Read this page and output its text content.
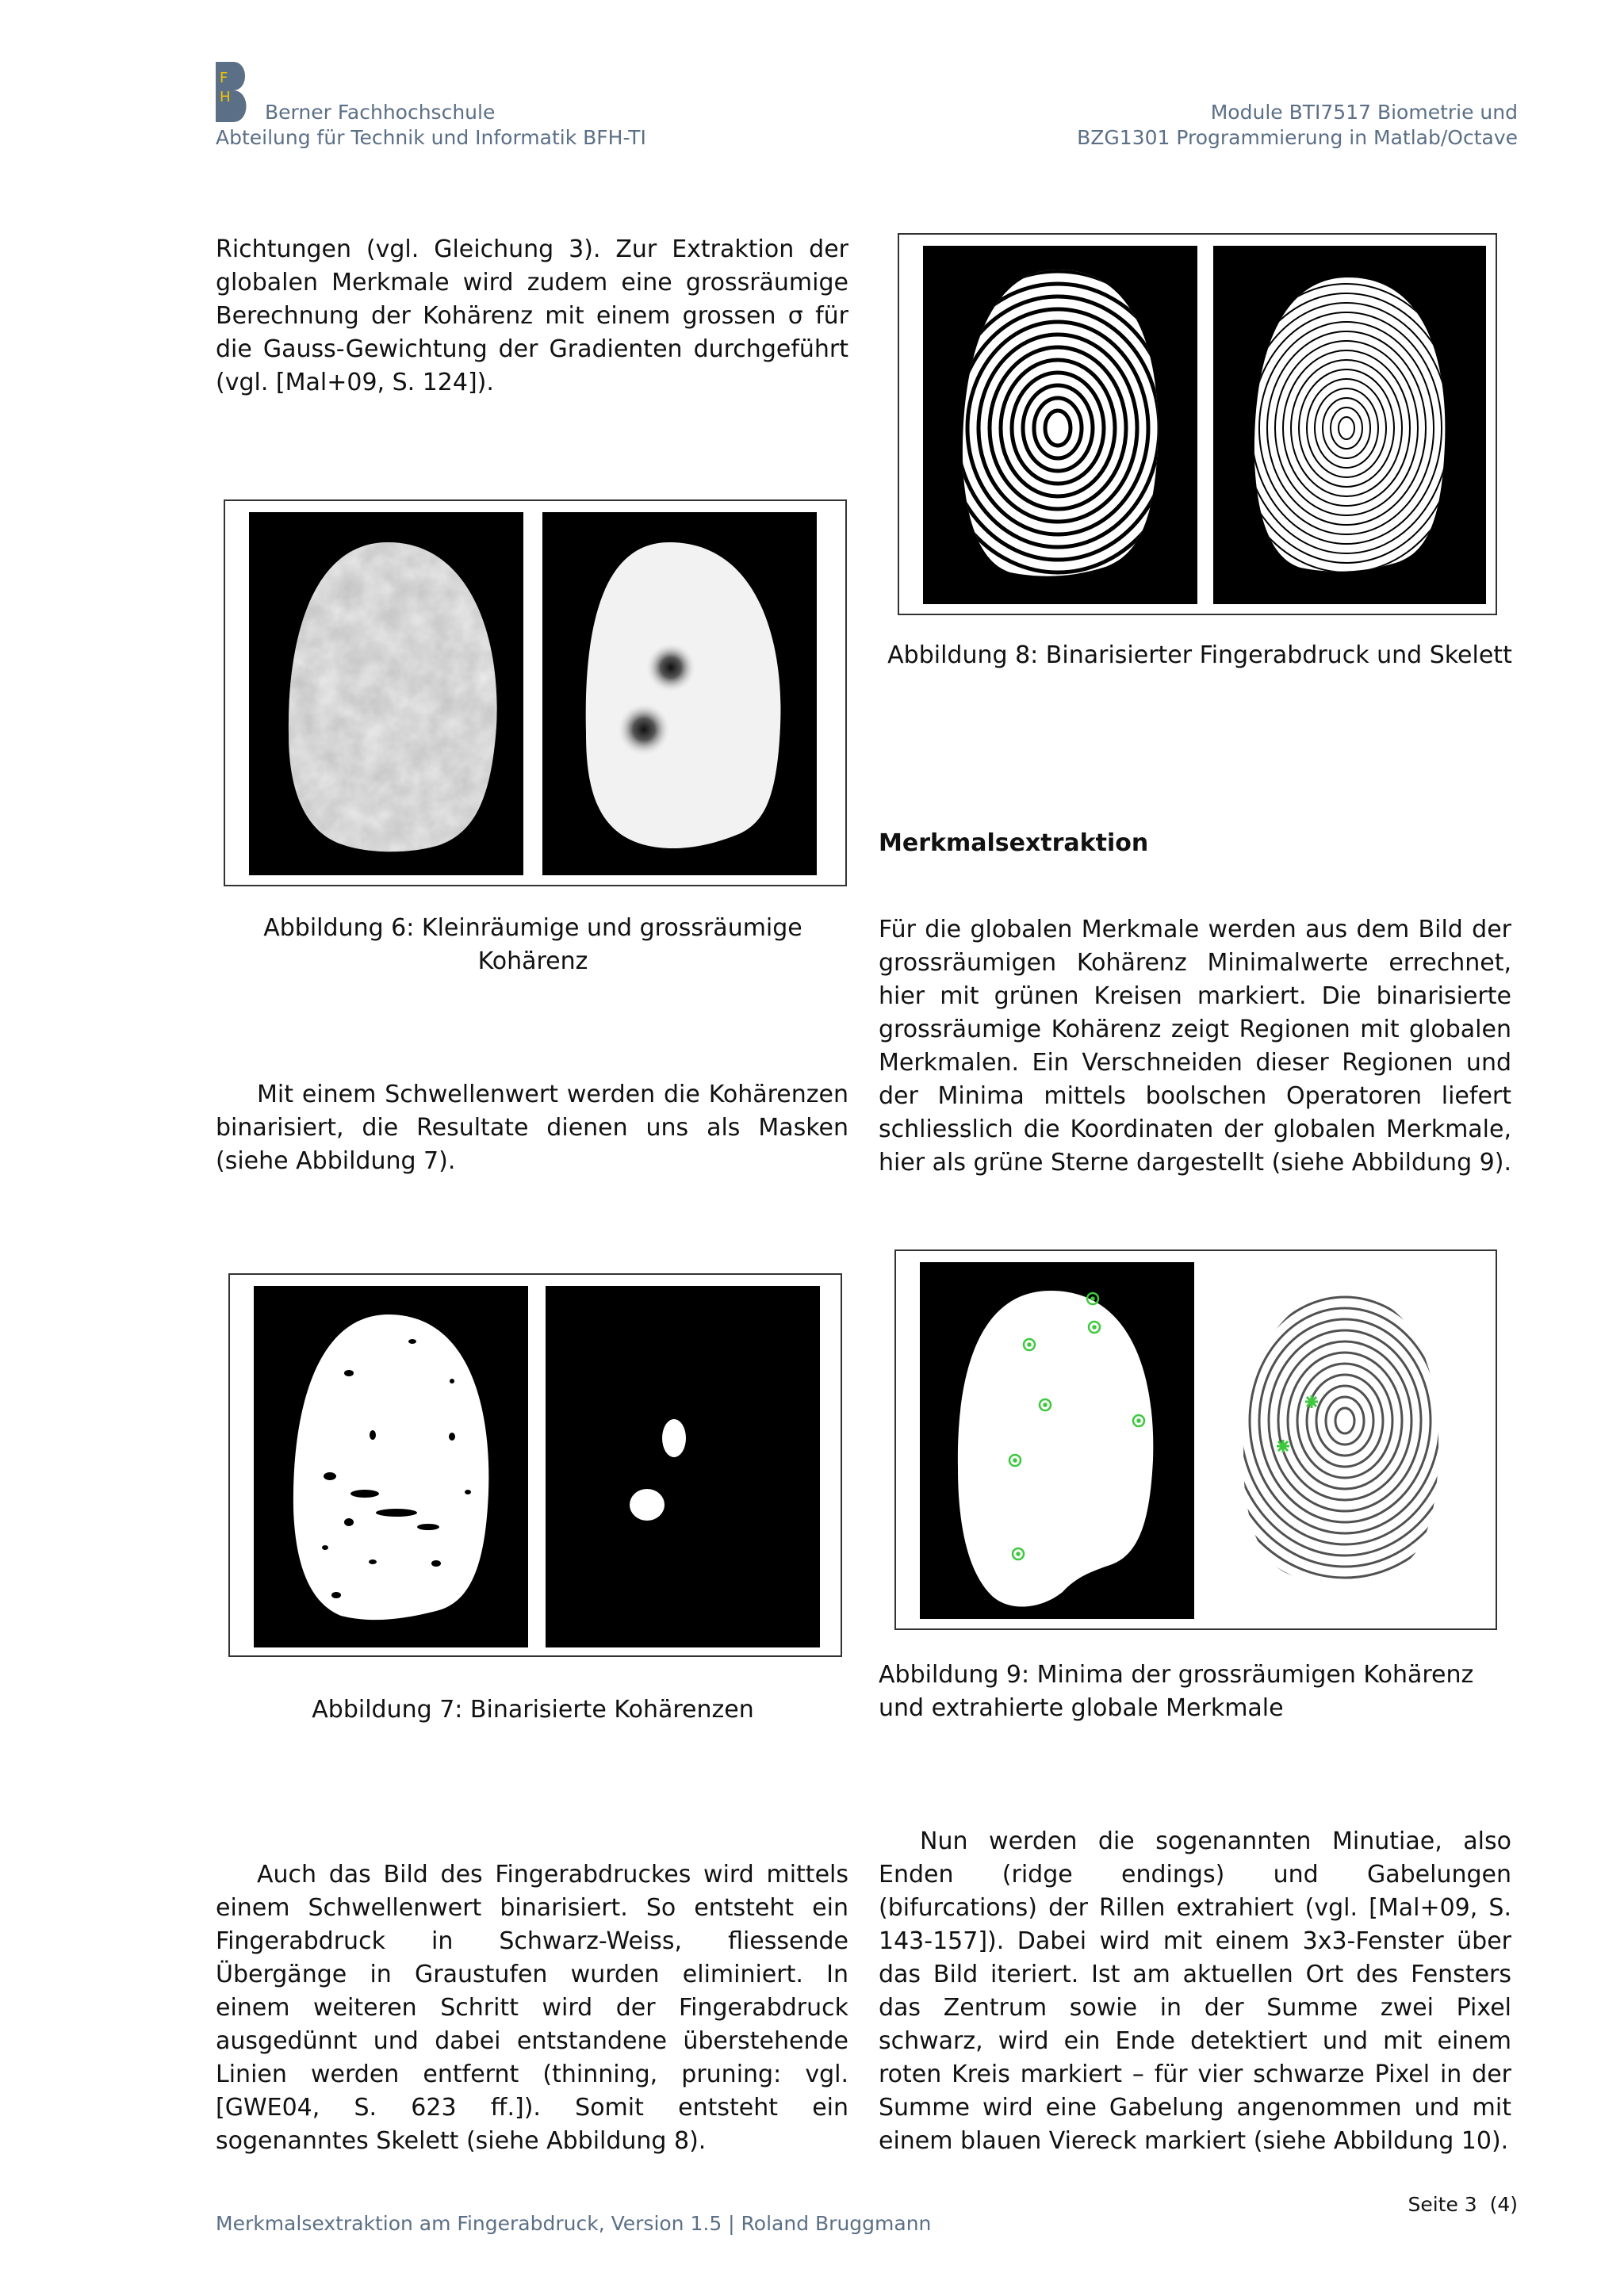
F
H
Berner Fachhochschule
Abteilung für Technik und Informatik BFH-TI
Module BTI7517 Biometrie und
BZG1301 Programmierung in Matlab/Octave
Richtungen (vgl. Gleichung 3). Zur Extraktion der globalen Merkmale wird zudem eine grossräumige Berechnung der Kohärenz mit einem grossen σ für die Gauss-Gewichtung der Gradienten durchgeführt (vgl. [Mal+09, S. 124]).
Abbildung 6: Kleinräumige und grossräumige Kohärenz
Mit einem Schwellenwert werden die Kohärenzen binarisiert, die Resultate dienen uns als Masken (siehe Abbildung 7).
Abbildung 7: Binarisierte Kohärenzen
Auch das Bild des Fingerabdruckes wird mittels einem Schwellenwert binarisiert. So entsteht ein Fingerabdruck in Schwarz-Weiss, fliessende Übergänge in Graustufen wurden eliminiert. In einem weiteren Schritt wird der Fingerabdruck ausgedünnt und dabei entstandene überstehende Linien werden entfernt (thinning, pruning: vgl. [GWE04, S. 623 ff.]). Somit entsteht ein sogenanntes Skelett (siehe Abbildung 8).
Abbildung 8: Binarisierter Fingerabdruck und Skelett
Merkmalsextraktion
Für die globalen Merkmale werden aus dem Bild der grossräumigen Kohärenz Minimalwerte errechnet, hier mit grünen Kreisen markiert. Die binarisierte grossräumige Kohärenz zeigt Regionen mit globalen Merkmalen. Ein Verschneiden dieser Regionen und der Minima mittels boolschen Operatoren liefert schliesslich die Koordinaten der globalen Merkmale, hier als grüne Sterne dargestellt (siehe Abbildung 9).
Abbildung 9: Minima der grossräumigen Kohärenz und extrahierte globale Merkmale
Nun werden die sogenannten Minutiae, also Enden (ridge endings) und Gabelungen (bifurcations) der Rillen extrahiert (vgl. [Mal+09, S. 143-157]). Dabei wird mit einem 3x3-Fenster über das Bild iteriert. Ist am aktuellen Ort des Fensters das Zentrum sowie in der Summe zwei Pixel schwarz, wird ein Ende detektiert und mit einem roten Kreis markiert – für vier schwarze Pixel in der Summe wird eine Gabelung angenommen und mit einem blauen Viereck markiert (siehe Abbildung 10).
Merkmalsextraktion am Fingerabdruck, Version 1.5 | Roland Bruggmann
Seite 3  (4)
